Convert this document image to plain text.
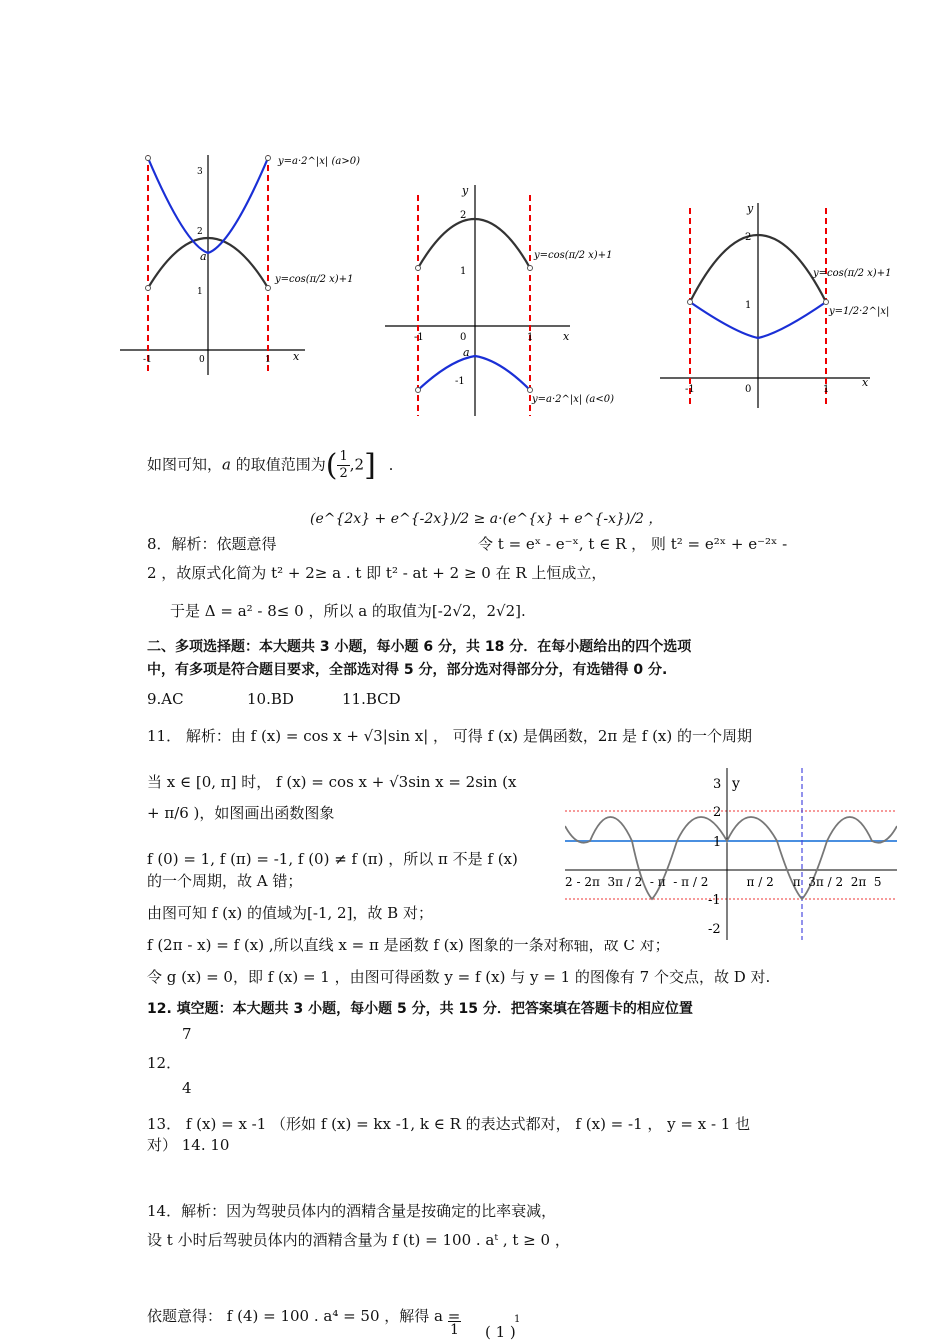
3
2
1
a
-1	0	1 x
y=a·2^|x| (a>0)
y=cos(π/2 x)+1
y
2
1
-1	0	1	x
a
-1
y=cos(π/2 x)+1
y=a·2^|x| (a<0)
y
2
1
-1	0	1
x
y=cos(π/2 x)+1
y=1/2·2^|x|
如图可知，a 的取值范围为( $\frac{1}{2} ,2$] .
8．解析：依题意得
(e^{2x} + e^{-2x})/2 ≥ a·(e^{x} + e^{-x})/2 ，
令 t = eˣ - e⁻ˣ, t ∈ R ， 则 t² = e²ˣ + e⁻²ˣ -
2 ，故原式化简为 t² + 2≥ a . t 即 t² - at + 2 ≥ 0 在 R 上恒成立，
于是 Δ = a² - 8≤ 0 ，所以 a 的取值为[-2√2，2√2].
二、多项选择题：本大题共 3 小题，每小题 6 分，共 18 分．在每小题给出的四个选项
中，有多项是符合题目要求，全部选对得 5 分，部分选对得部分分，有选错得 0 分.
9.AC	10.BD	11.BCD
11． 解析：由 f (x) = cos x + √3|sin x| ， 可得 f (x) 是偶函数，2π 是 f (x) 的一个周期
当 x ∈ [0, π] 时， f (x) = cos x + √3sin x = 2sin (x
+ π/6 )，如图画出函数图象
f (0) = 1, f (π) = -1, f (0) ≠ f (π) ，所以 π 不是 f (x)
的一个周期，故 A 错；
由图可知 f (x) 的值域为[-1, 2]，故 B 对；
f (2π - x) = f (x) ,所以直线 x = π 是函数 f (x) 图象的一条对称轴，故 C 对；
令 g (x) = 0，即 f (x) = 1 ，由图可得函数 y = f (x) 与 y = 1 的图像有 7 个交点，故 D 对.
3 y
2
1
-1
-2
2 - 2π  3π / 2  - π  - π / 2          π / 2     π  3π / 2  2π  5
12. 填空题：本大题共 3 小题，每小题 5 分，共 15 分．把答案填在答题卡的相应位置
7
12．
4
13． f (x) = x -1 （形如 f (x) = kx -1, k ∈ R 的表达式都对， f (x) = -1 ， y = x - 1 也
对） 14. 10
14．解析：因为驾驶员体内的酒精含量是按确定的比率衰减，
设 t 小时后驾驶员体内的酒精含量为 f (t) = 100 . aᵗ , t ≥ 0 ，
依题意得： f (4) = 100 . a⁴ = 50 ，解得 a =
1 ( 1 )
1
